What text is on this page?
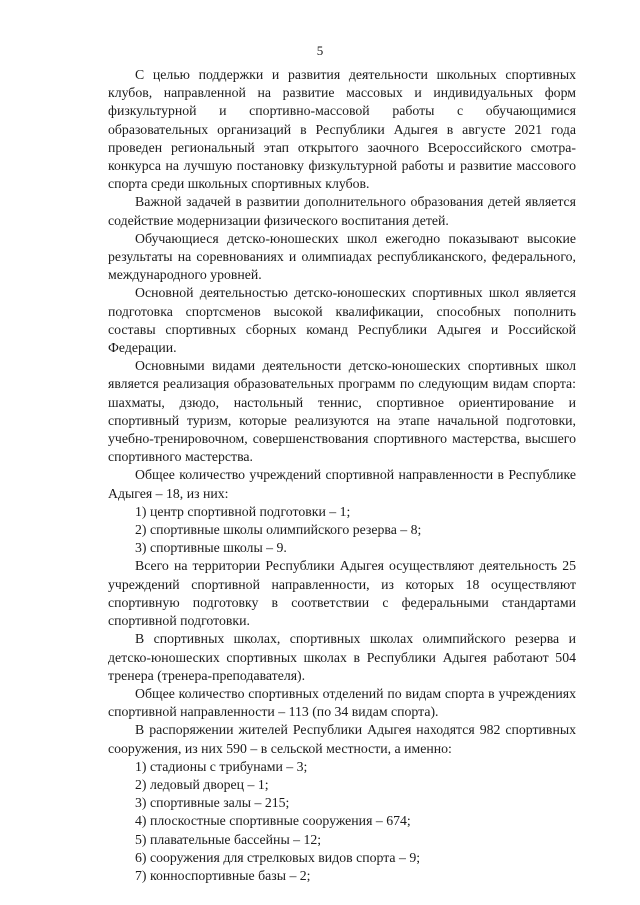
5

С целью поддержки и развития деятельности школьных спортивных клубов, направленной на развитие массовых и индивидуальных форм физкультурной и спортивно-массовой работы с обучающимися образовательных организаций в Республики Адыгея в августе 2021 года проведен региональный этап открытого заочного Всероссийского смотра-конкурса на лучшую постановку физкультурной работы и развитие массового спорта среди школьных спортивных клубов.

Важной задачей в развитии дополнительного образования детей является содействие модернизации физического воспитания детей.

Обучающиеся детско-юношеских школ ежегодно показывают высокие результаты на соревнованиях и олимпиадах республиканского, федерального, международного уровней.

Основной деятельностью детско-юношеских спортивных школ является подготовка спортсменов высокой квалификации, способных пополнить составы спортивных сборных команд Республики Адыгея и Российской Федерации.

Основными видами деятельности детско-юношеских спортивных школ является реализация образовательных программ по следующим видам спорта: шахматы, дзюдо, настольный теннис, спортивное ориентирование и спортивный туризм, которые реализуются на этапе начальной подготовки, учебно-тренировочном, совершенствования спортивного мастерства, высшего спортивного мастерства.

Общее количество учреждений спортивной направленности в Республике Адыгея – 18, из них:

1) центр спортивной подготовки – 1;
2) спортивные школы олимпийского резерва – 8;
3) спортивные школы – 9.

Всего на территории Республики Адыгея осуществляют деятельность 25 учреждений спортивной направленности, из которых 18 осуществляют спортивную подготовку в соответствии с федеральными стандартами спортивной подготовки.

В спортивных школах, спортивных школах олимпийского резерва и детско-юношеских спортивных школах в Республики Адыгея работают 504 тренера (тренера-преподавателя).

Общее количество спортивных отделений по видам спорта в учреждениях спортивной направленности – 113 (по 34 видам спорта).

В распоряжении жителей Республики Адыгея находятся 982 спортивных сооружения, из них 590 – в сельской местности, а именно:

1) стадионы с трибунами – 3;
2) ледовый дворец – 1;
3) спортивные залы – 215;
4) плоскостные спортивные сооружения – 674;
5) плавательные бассейны – 12;
6) сооружения для стрелковых видов спорта – 9;
7) конноспортивные базы – 2;
